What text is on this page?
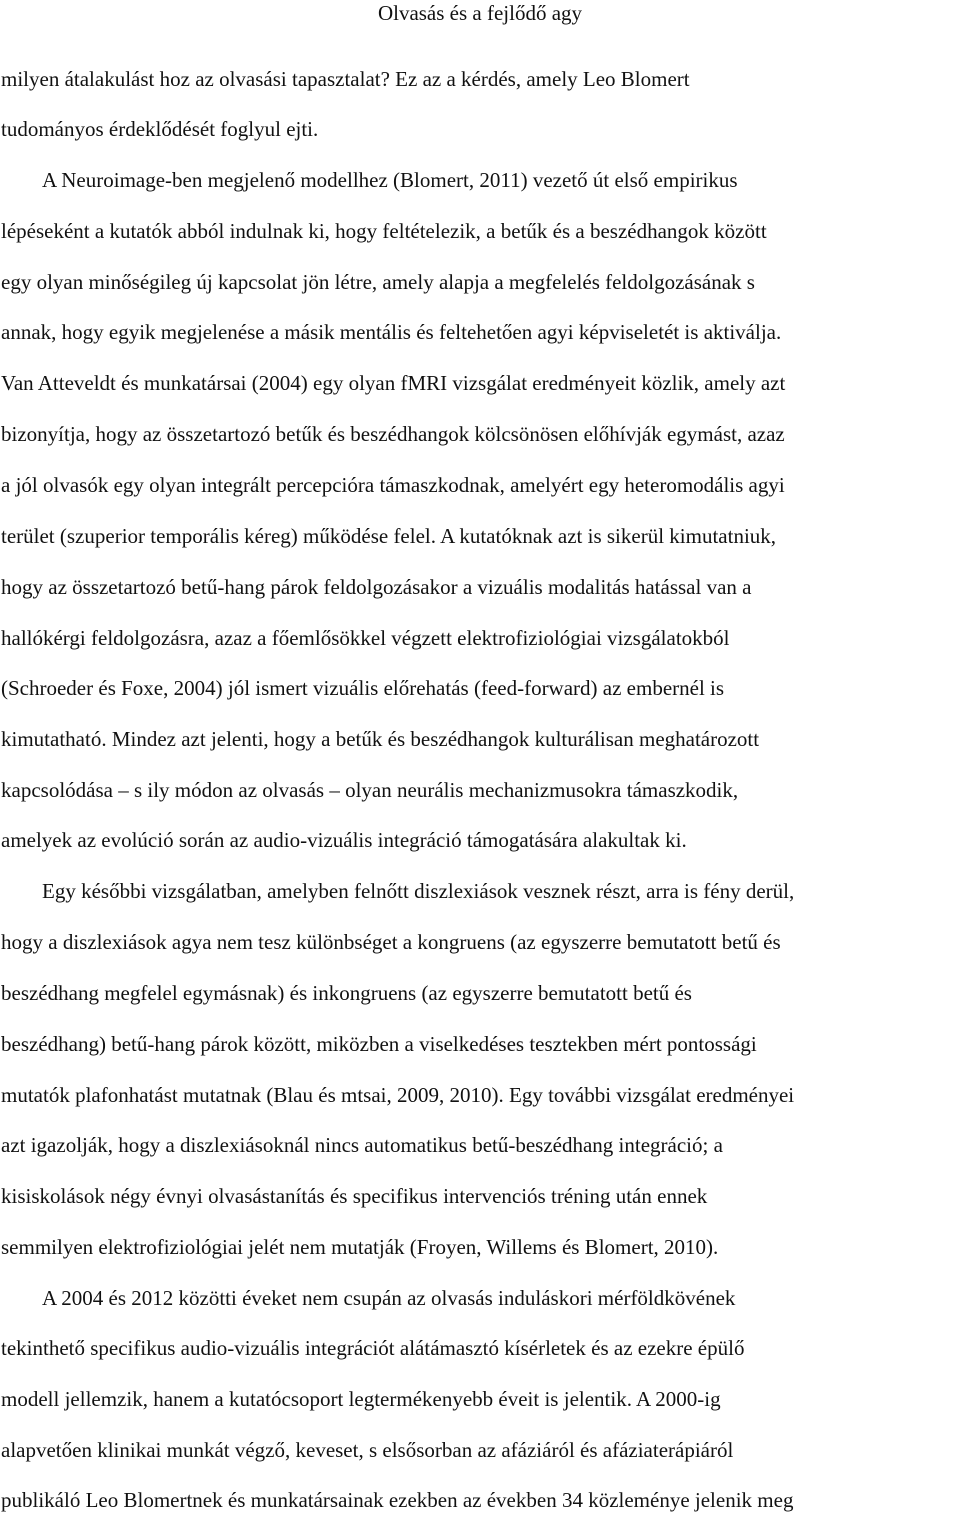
Olvasás és a fejlődő agy
milyen átalakulást hoz az olvasási tapasztalat? Ez az a kérdés, amely Leo Blomert
tudományos érdeklődését foglyul ejti.
A Neuroimage-ben megjelenő modellhez (Blomert, 2011) vezető út első empirikus
lépéseként a kutatók abból indulnak ki, hogy feltételezik, a betűk és a beszédhangok között
egy olyan minőségileg új kapcsolat jön létre, amely alapja a megfelelés feldolgozásának s
annak, hogy egyik megjelenése a másik mentális és feltehetően agyi képviseletét is aktiválja.
Van Atteveldt és munkatársai (2004) egy olyan fMRI vizsgálat eredményeit közlik, amely azt
bizonyítja, hogy az összetartozó betűk és beszédhangok kölcsönösen előhívják egymást, azaz
a jól olvasók egy olyan integrált percepcióra támaszkodnak, amelyért egy heteromodális agyi
terület (szuperior temporális kéreg) működése felel. A kutatóknak azt is sikerül kimutatniuk,
hogy az összetartozó betű-hang párok feldolgozásakor a vizuális modalitás hatással van a
hallókérgi feldolgozásra, azaz a főemlősökkel végzett elektrofiziológiai vizsgálatokból
(Schroeder és Foxe, 2004) jól ismert vizuális előrehatás (feed-forward) az embernél is
kimutatható. Mindez azt jelenti, hogy a betűk és beszédhangok kulturálisan meghatározott
kapcsolódása – s ily módon az olvasás – olyan neurális mechanizmusokra támaszkodik,
amelyek az evolúció során az audio-vizuális integráció támogatására alakultak ki.
Egy későbbi vizsgálatban, amelyben felnőtt diszlexiások vesznek részt, arra is fény derül,
hogy a diszlexiások agya nem tesz különbséget a kongruens (az egyszerre bemutatott betű és
beszédhang megfelel egymásnak) és inkongruens (az egyszerre bemutatott betű és
beszédhang) betű-hang párok között, miközben a viselkedéses tesztekben mért pontossági
mutatók plafonhatást mutatnak (Blau és mtsai, 2009, 2010). Egy további vizsgálat eredményei
azt igazolják, hogy a diszlexiásoknál nincs automatikus betű-beszédhang integráció; a
kisiskolások négy évnyi olvasástanítás és specifikus intervenciós tréning után ennek
semmilyen elektrofiziológiai jelét nem mutatják (Froyen, Willems és Blomert, 2010).
A 2004 és 2012 közötti éveket nem csupán az olvasás induláskori mérföldkövének
tekinthető specifikus audio-vizuális integrációt alátámasztó kísérletek és az ezekre épülő
modell jellemzik, hanem a kutatócsoport legtermékenyebb éveit is jelentik. A 2000-ig
alapvetően klinikai munkát végző, keveset, s elsősorban az afáziáról és afáziaterápiáról
publikáló Leo Blomertnek és munkatársainak ezekben az években 34 közleménye jelenik meg
